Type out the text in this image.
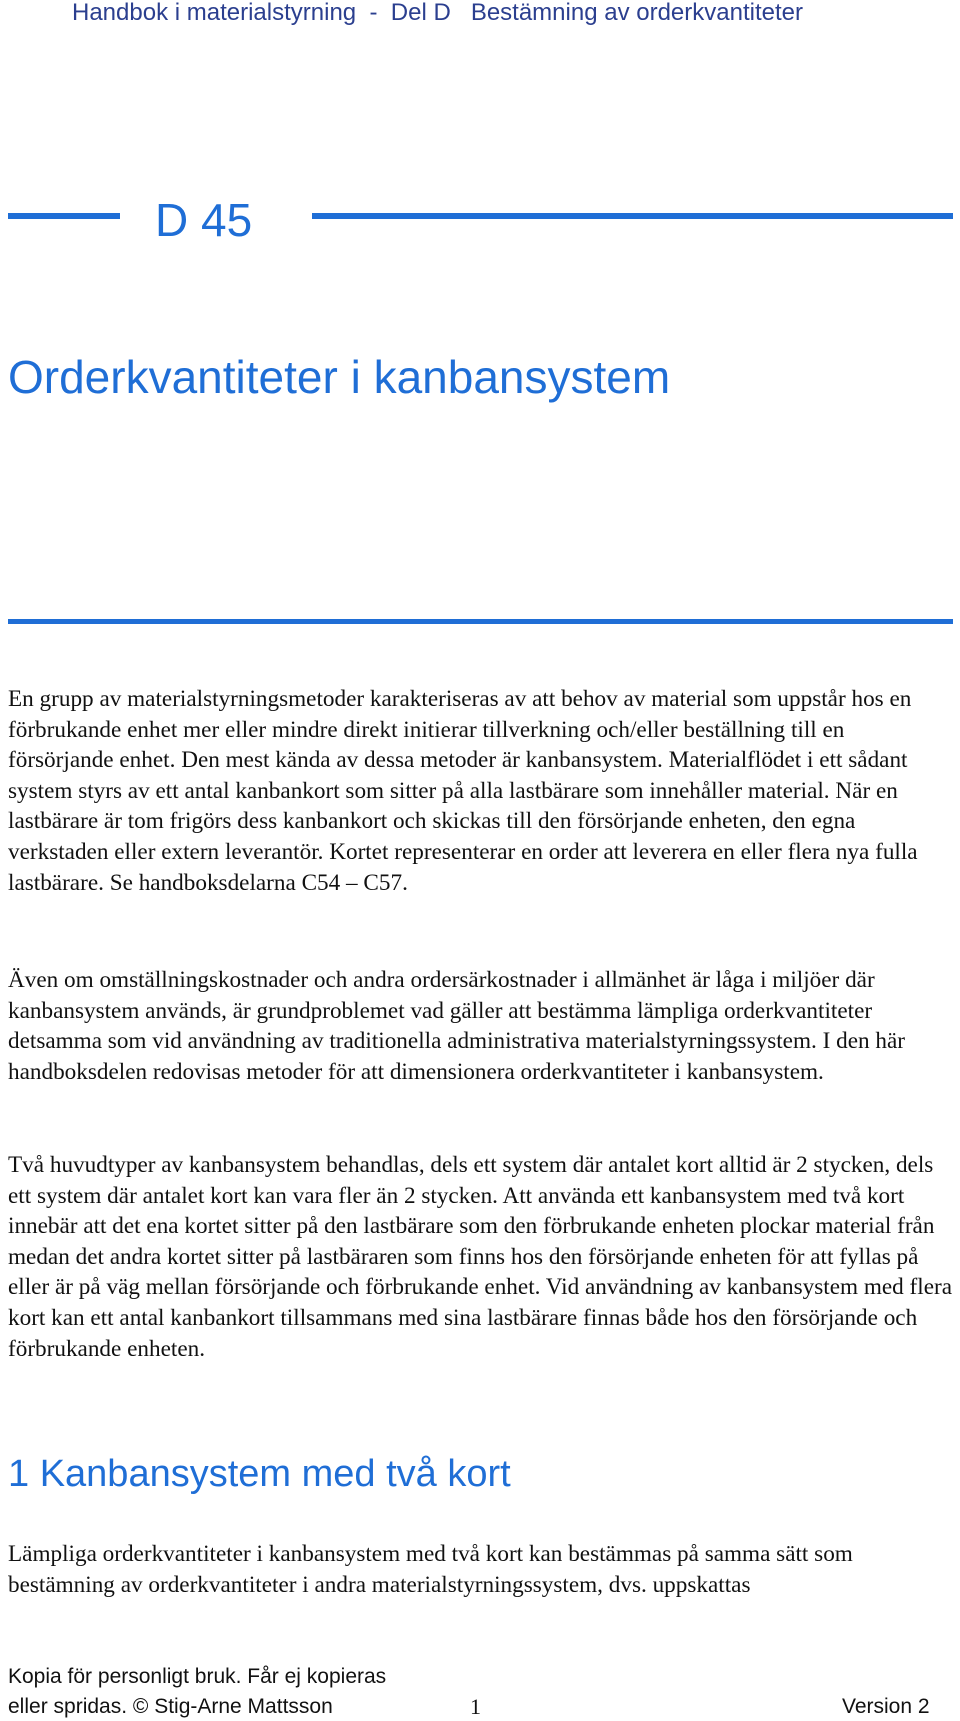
Handbok i materialstyrning  -  Del D   Bestämning av orderkvantiteter
D 45
Orderkvantiteter i kanbansystem

En grupp av materialstyrningsmetoder karakteriseras av att behov av material som uppstår hos en förbrukande enhet mer eller mindre direkt initierar tillverkning och/eller beställning till en försörjande enhet. Den mest kända av dessa metoder är kanbansystem. Materialflödet i ett sådant system styrs av ett antal kanbankort som sitter på alla lastbärare som innehåller material. När en lastbärare är tom frigörs dess kanbankort och skickas till den försörjande enheten, den egna verkstaden eller extern leverantör. Kortet representerar en order att leverera en eller flera nya fulla lastbärare. Se handboksdelarna C54 – C57.

Även om omställningskostnader och andra ordersärkostnader i allmänhet är låga i miljöer där kanbansystem används, är grundproblemet vad gäller att bestämma lämpliga orderkvantiteter detsamma som vid användning av traditionella administrativa materialstyrningssystem. I den här handboksdelen redovisas metoder för att dimensionera orderkvantiteter i kanbansystem.

Två huvudtyper av kanbansystem behandlas, dels ett system där antalet kort alltid är 2 stycken, dels ett system där antalet kort kan vara fler än 2 stycken. Att använda ett kanbansystem med två kort innebär att det ena kortet sitter på den lastbärare som den förbrukande enheten plockar material från medan det andra kortet sitter på lastbäraren som finns hos den försörjande enheten för att fyllas på eller är på väg mellan försörjande och förbrukande enhet. Vid användning av kanbansystem med flera kort kan ett antal kanbankort tillsammans med sina lastbärare finnas både hos den försörjande och förbrukande enheten.

1 Kanbansystem med två kort

Lämpliga orderkvantiteter i kanbansystem med två kort kan bestämmas på samma sätt som bestämning av orderkvantiteter i andra materialstyrningssystem, dvs. uppskattas

Kopia för personligt bruk. Får ej kopieras
eller spridas. © Stig-Arne Mattsson	1	Version 2
